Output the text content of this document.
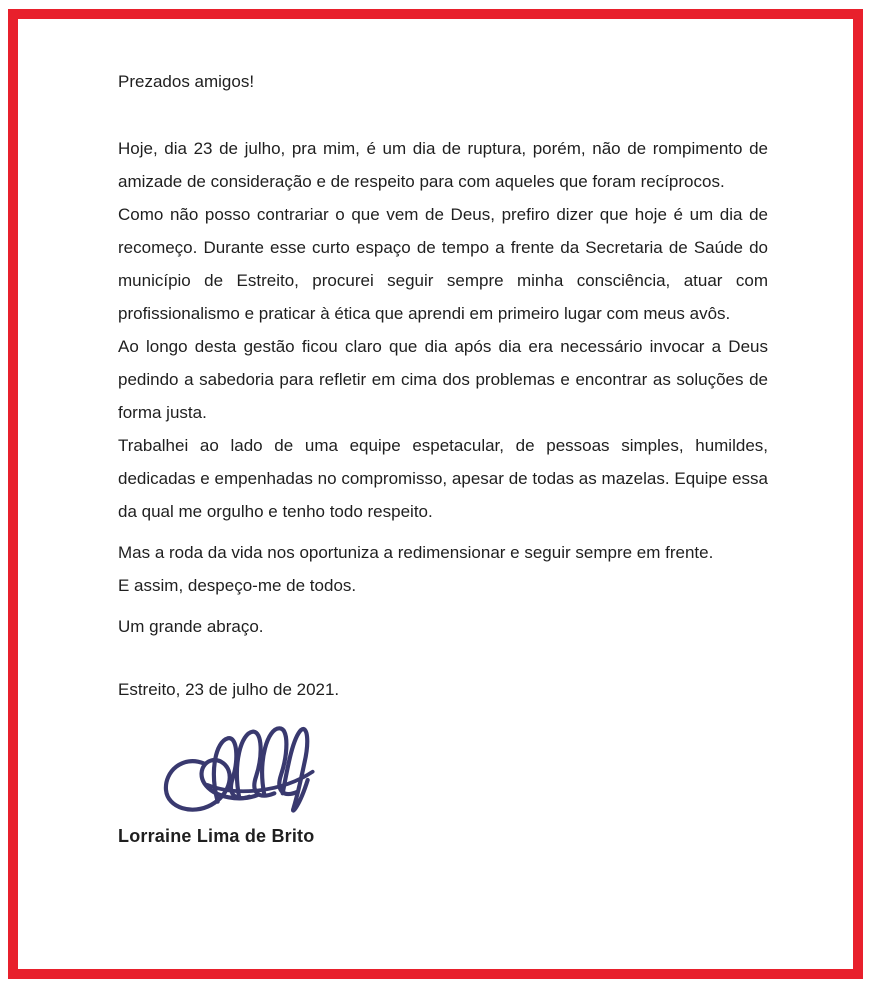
Prezados amigos!

Hoje, dia 23 de julho, pra mim, é um dia de ruptura, porém, não de rompimento de amizade de consideração e de respeito para com aqueles que foram recíprocos.

Como não posso contrariar o que vem de Deus, prefiro dizer que hoje é um dia de recomeço. Durante esse curto espaço de tempo a frente da Secretaria de Saúde do município de Estreito, procurei seguir sempre minha consciência, atuar com profissionalismo e praticar à ética que aprendi em primeiro lugar com meus avôs.

Ao longo desta gestão ficou claro que dia após dia era necessário invocar a Deus pedindo a sabedoria para refletir em cima dos problemas e encontrar as soluções de forma justa.

Trabalhei ao lado de uma equipe espetacular, de pessoas simples, humildes, dedicadas e empenhadas no compromisso, apesar de todas as mazelas. Equipe essa da qual me orgulho e tenho todo respeito.

Mas a roda da vida nos oportuniza a redimensionar e seguir sempre em frente.

E assim, despeço-me de todos.

Um grande abraço.

Estreito, 23 de julho de 2021.

Lorraine Lima de Brito
